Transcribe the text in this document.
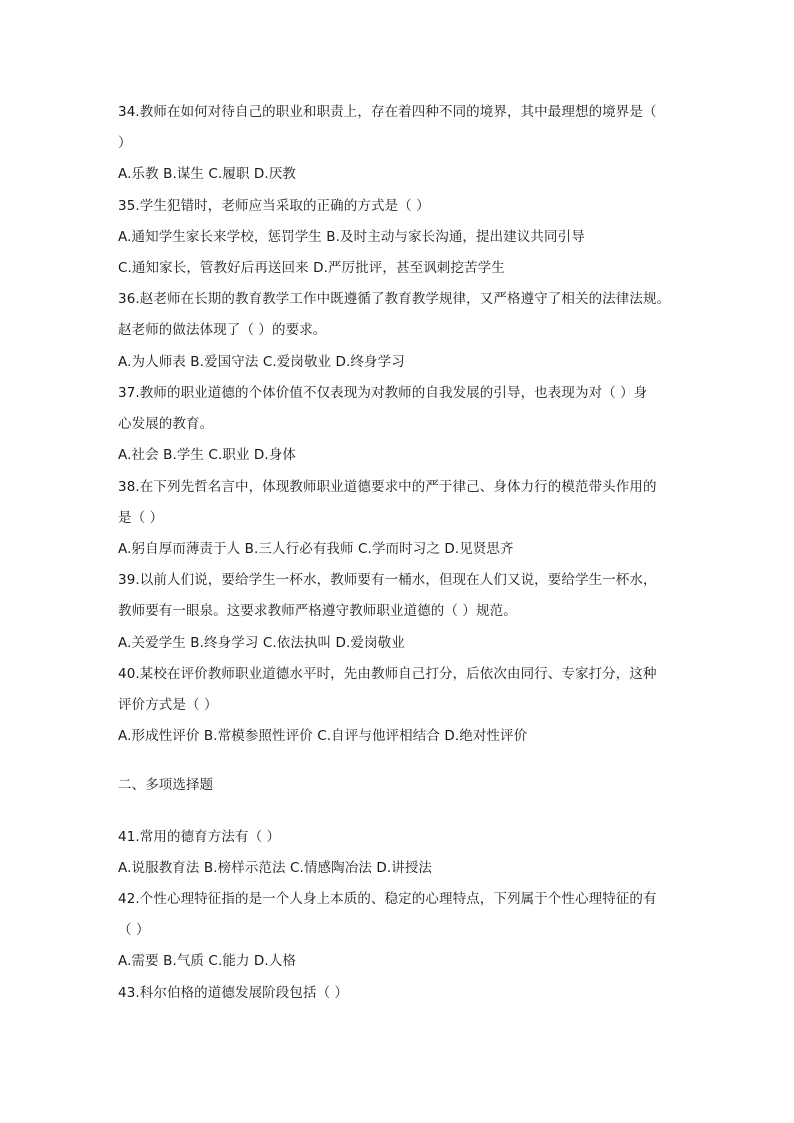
34.教师在如何对待自己的职业和职责上，存在着四种不同的境界，其中最理想的境界是（
）
A.乐教 B.谋生 C.履职 D.厌教
35.学生犯错时，老师应当采取的正确的方式是（ ）
A.通知学生家长来学校，惩罚学生 B.及时主动与家长沟通，提出建议共同引导
C.通知家长，管教好后再送回来 D.严厉批评，甚至讽刺挖苦学生
36.赵老师在长期的教育教学工作中既遵循了教育教学规律，又严格遵守了相关的法律法规。
赵老师的做法体现了（ ）的要求。
A.为人师表 B.爱国守法 C.爱岗敬业 D.终身学习
37.教师的职业道德的个体价值不仅表现为对教师的自我发展的引导，也表现为对（ ）身
心发展的教育。
A.社会 B.学生 C.职业 D.身体
38.在下列先哲名言中，体现教师职业道德要求中的严于律己、身体力行的模范带头作用的
是（ ）
A.躬自厚而薄责于人 B.三人行必有我师 C.学而时习之 D.见贤思齐
39.以前人们说，要给学生一杯水，教师要有一桶水，但现在人们又说，要给学生一杯水，
教师要有一眼泉。这要求教师严格遵守教师职业道德的（ ）规范。
A.关爱学生 B.终身学习 C.依法执叫 D.爱岗敬业
40.某校在评价教师职业道德水平时，先由教师自己打分，后依次由同行、专家打分，这种
评价方式是（ ）
A.形成性评价 B.常模参照性评价 C.自评与他评相结合 D.绝对性评价
二、多项选择题
41.常用的德育方法有（ ）
A.说服教育法 B.榜样示范法 C.情感陶冶法 D.讲授法
42.个性心理特征指的是一个人身上本质的、稳定的心理特点，下列属于个性心理特征的有
（ ）
A.需要 B.气质 C.能力 D.人格
43.科尔伯格的道德发展阶段包括（ ）
